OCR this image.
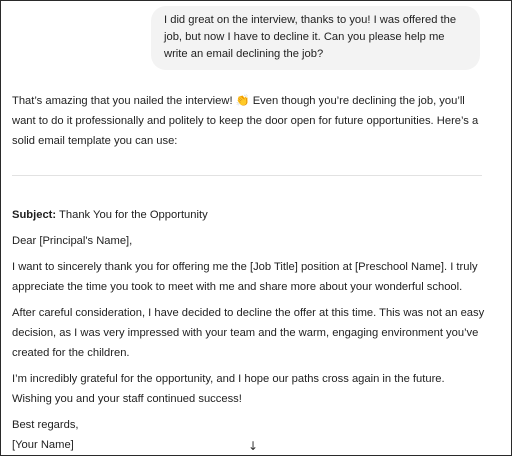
I did great on the interview, thanks to you! I was offered the job, but now I have to decline it. Can you please help me write an email declining the job?

That’s amazing that you nailed the interview! 👏 Even though you’re declining the job, you’ll want to do it professionally and politely to keep the door open for future opportunities. Here’s a solid email template you can use:

Subject: Thank You for the Opportunity

Dear [Principal's Name],

I want to sincerely thank you for offering me the [Job Title] position at [Preschool Name]. I truly appreciate the time you took to meet with me and share more about your wonderful school.

After careful consideration, I have decided to decline the offer at this time. This was not an easy decision, as I was very impressed with your team and the warm, engaging environment you’ve created for the children.

I’m incredibly grateful for the opportunity, and I hope our paths cross again in the future. Wishing you and your staff continued success!

Best regards,
[Your Name]	↓
